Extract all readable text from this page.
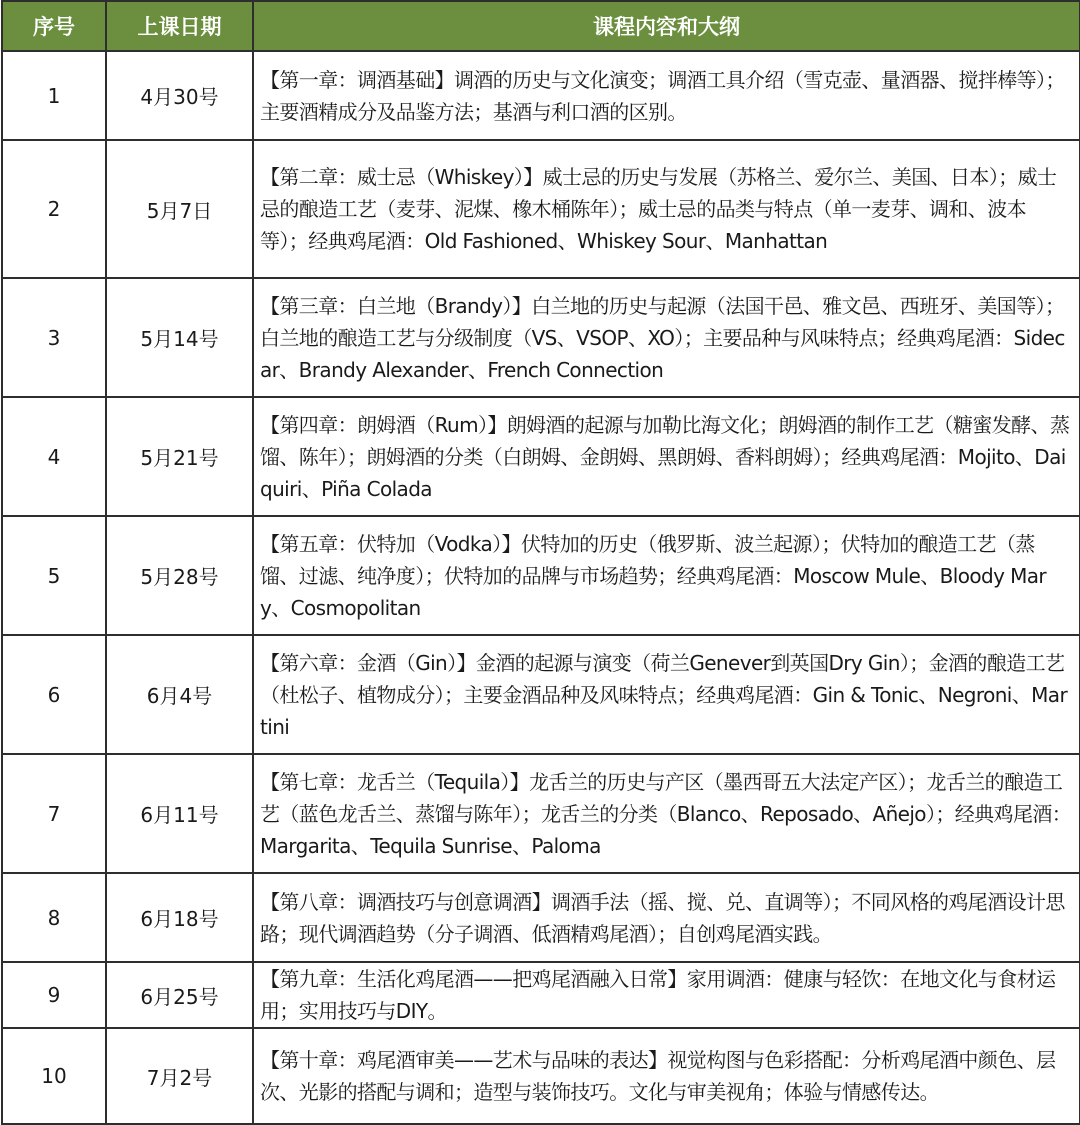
序号	上课日期	课程内容和大纲
1	4月30号	【第一章：调酒基础】调酒的历史与文化演变；调酒工具介绍（雪克壶、量酒器、搅拌棒等）；主要酒精成分及品鉴方法；基酒与利口酒的区别。
2	5月7日	【第二章：威士忌（Whiskey）】威士忌的历史与发展（苏格兰、爱尔兰、美国、日本）；威士忌的酿造工艺（麦芽、泥煤、橡木桶陈年）；威士忌的品类与特点（单一麦芽、调和、波本等）；经典鸡尾酒：Old Fashioned、Whiskey Sour、Manhattan
3	5月14号	【第三章：白兰地（Brandy）】白兰地的历史与起源（法国干邑、雅文邑、西班牙、美国等）；白兰地的酿造工艺与分级制度（VS、VSOP、XO）；主要品种与风味特点；经典鸡尾酒：Sidecar、Brandy Alexander、French Connection
4	5月21号	【第四章：朗姆酒（Rum）】朗姆酒的起源与加勒比海文化；朗姆酒的制作工艺（糖蜜发酵、蒸馏、陈年）；朗姆酒的分类（白朗姆、金朗姆、黑朗姆、香料朗姆）；经典鸡尾酒：Mojito、Daiquiri、Piña Colada
5	5月28号	【第五章：伏特加（Vodka）】伏特加的历史（俄罗斯、波兰起源）；伏特加的酿造工艺（蒸馏、过滤、纯净度）；伏特加的品牌与市场趋势；经典鸡尾酒：Moscow Mule、Bloody Mary、Cosmopolitan
6	6月4号	【第六章：金酒（Gin）】金酒的起源与演变（荷兰Genever到英国Dry Gin）；金酒的酿造工艺（杜松子、植物成分）；主要金酒品种及风味特点；经典鸡尾酒：Gin & Tonic、Negroni、Martini
7	6月11号	【第七章：龙舌兰（Tequila）】龙舌兰的历史与产区（墨西哥五大法定产区）；龙舌兰的酿造工艺（蓝色龙舌兰、蒸馏与陈年）；龙舌兰的分类（Blanco、Reposado、Añejo）；经典鸡尾酒：Margarita、Tequila Sunrise、Paloma
8	6月18号	【第八章：调酒技巧与创意调酒】调酒手法（摇、搅、兑、直调等）；不同风格的鸡尾酒设计思路；现代调酒趋势（分子调酒、低酒精鸡尾酒）；自创鸡尾酒实践。
9	6月25号	【第九章：生活化鸡尾酒——把鸡尾酒融入日常】家用调酒：健康与轻饮：在地文化与食材运用；实用技巧与DIY。
10	7月2号	【第十章：鸡尾酒审美——艺术与品味的表达】视觉构图与色彩搭配：分析鸡尾酒中颜色、层次、光影的搭配与调和；造型与装饰技巧。文化与审美视角；体验与情感传达。
